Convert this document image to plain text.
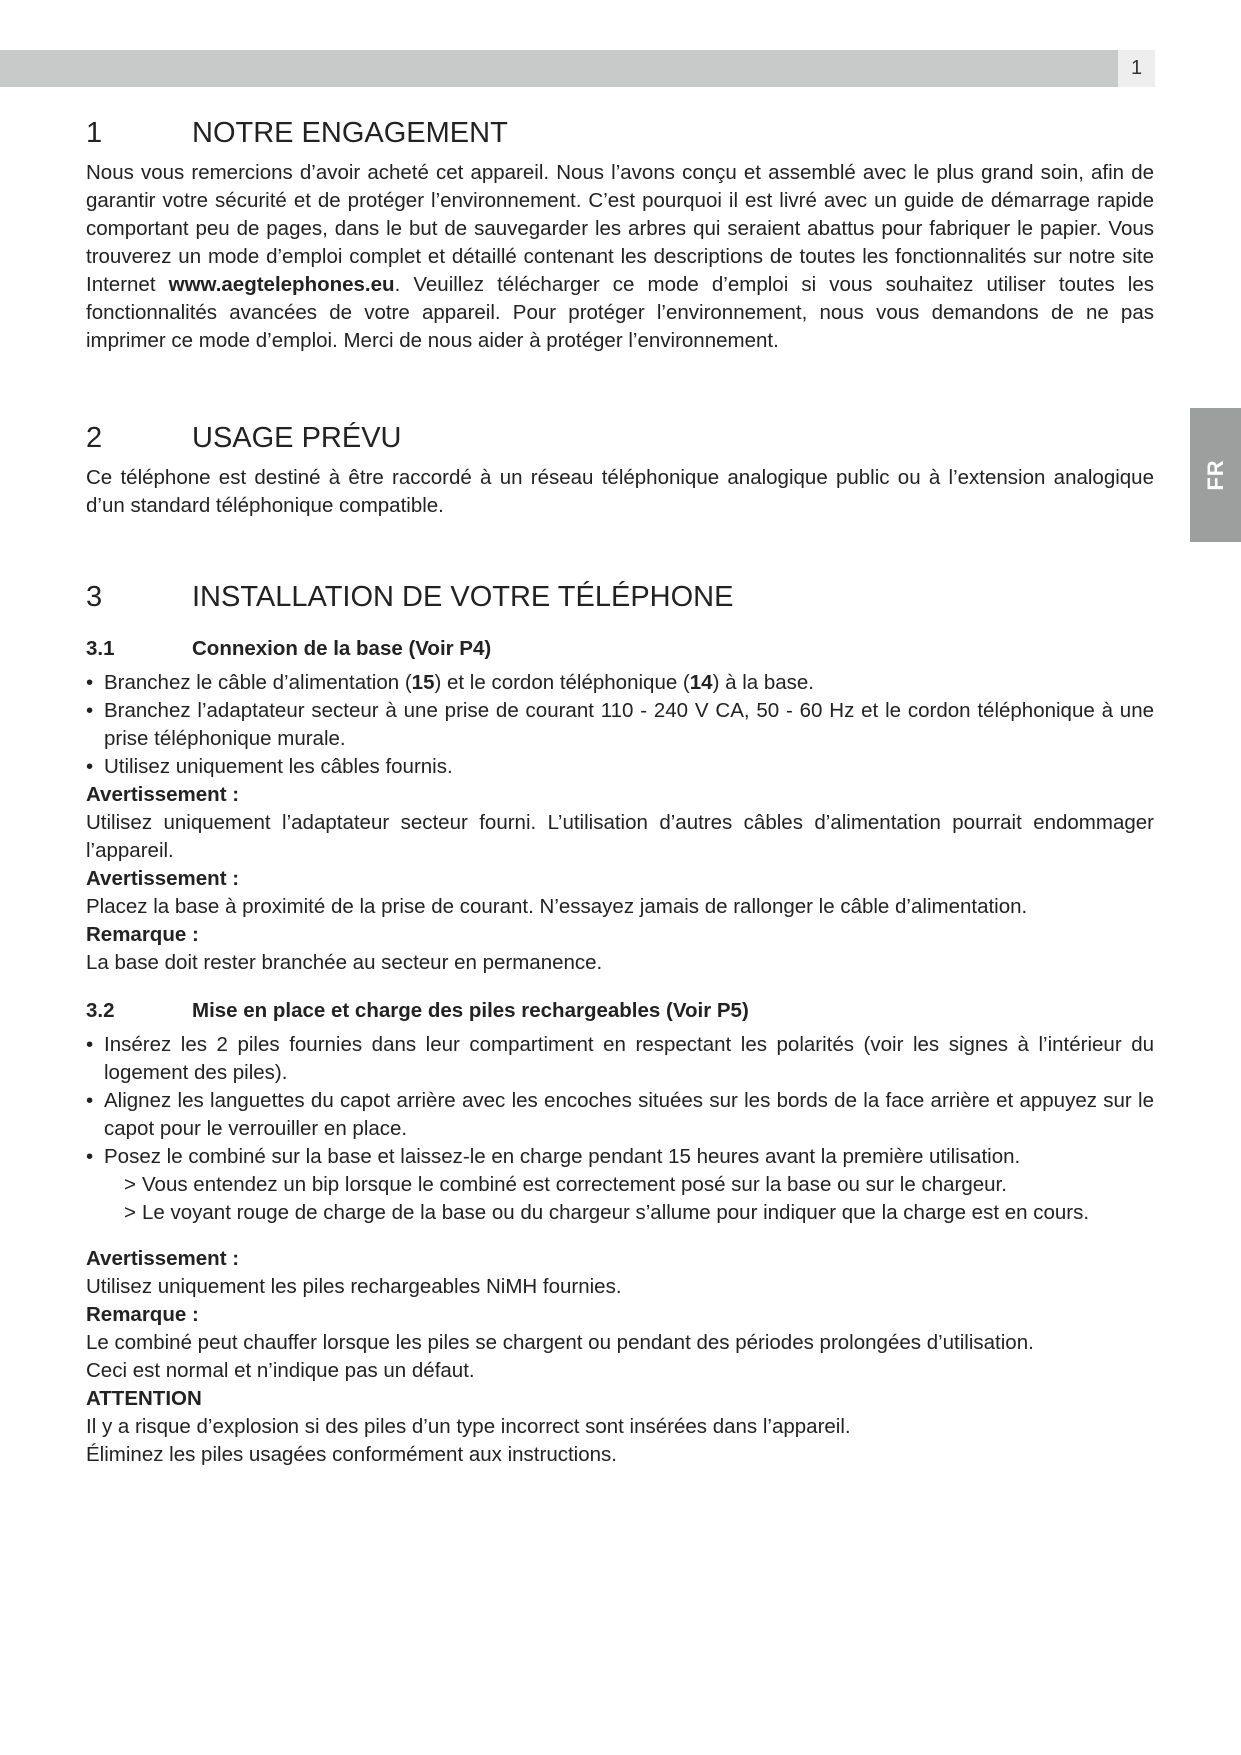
1
FR
1	NOTRE ENGAGEMENT

Nous vous remercions d’avoir acheté cet appareil. Nous l’avons conçu et assemblé avec le plus grand soin, afin de garantir votre sécurité et de protéger l’environnement. C’est pourquoi il est livré avec un guide de démarrage rapide comportant peu de pages, dans le but de sauvegarder les arbres qui seraient abattus pour fabriquer le papier. Vous trouverez un mode d’emploi complet et détaillé contenant les descriptions de toutes les fonctionnalités sur notre site Internet www.aegtelephones.eu. Veuillez télécharger ce mode d’emploi si vous souhaitez utiliser toutes les fonctionnalités avancées de votre appareil. Pour protéger l’environnement, nous vous demandons de ne pas imprimer ce mode d’emploi. Merci de nous aider à protéger l’environnement.

2	USAGE PRÉVU

Ce téléphone est destiné à être raccordé à un réseau téléphonique analogique public ou à l’extension analogique d’un standard téléphonique compatible.

3	INSTALLATION DE VOTRE TÉLÉPHONE
3.1	Connexion de la base (Voir P4)
• Branchez le câble d’alimentation (15) et le cordon téléphonique (14) à la base.
• Branchez l’adaptateur secteur à une prise de courant 110 - 240 V CA, 50 - 60 Hz et le cordon téléphonique à une prise téléphonique murale.
• Utilisez uniquement les câbles fournis.

Avertissement :

Utilisez uniquement l’adaptateur secteur fourni. L’utilisation d’autres câbles d’alimentation pourrait endommager l’appareil.

Avertissement :

Placez la base à proximité de la prise de courant. N’essayez jamais de rallonger le câble d’alimentation.

Remarque :

La base doit rester branchée au secteur en permanence.

3.2	Mise en place et charge des piles rechargeables (Voir P5)
• Insérez les 2 piles fournies dans leur compartiment en respectant les polarités (voir les signes à l’intérieur du logement des piles).
• Alignez les languettes du capot arrière avec les encoches situées sur les bords de la face arrière et appuyez sur le capot pour le verrouiller en place.
• Posez le combiné sur la base et laissez-le en charge pendant 15 heures avant la première utilisation.
> Vous entendez un bip lorsque le combiné est correctement posé sur la base ou sur le chargeur.
> Le voyant rouge de charge de la base ou du chargeur s’allume pour indiquer que la charge est en cours.

Avertissement :

Utilisez uniquement les piles rechargeables NiMH fournies.

Remarque :

Le combiné peut chauffer lorsque les piles se chargent ou pendant des périodes prolongées d’utilisation.

Ceci est normal et n’indique pas un défaut.

ATTENTION

Il y a risque d’explosion si des piles d’un type incorrect sont insérées dans l’appareil.

Éliminez les piles usagées conformément aux instructions.
